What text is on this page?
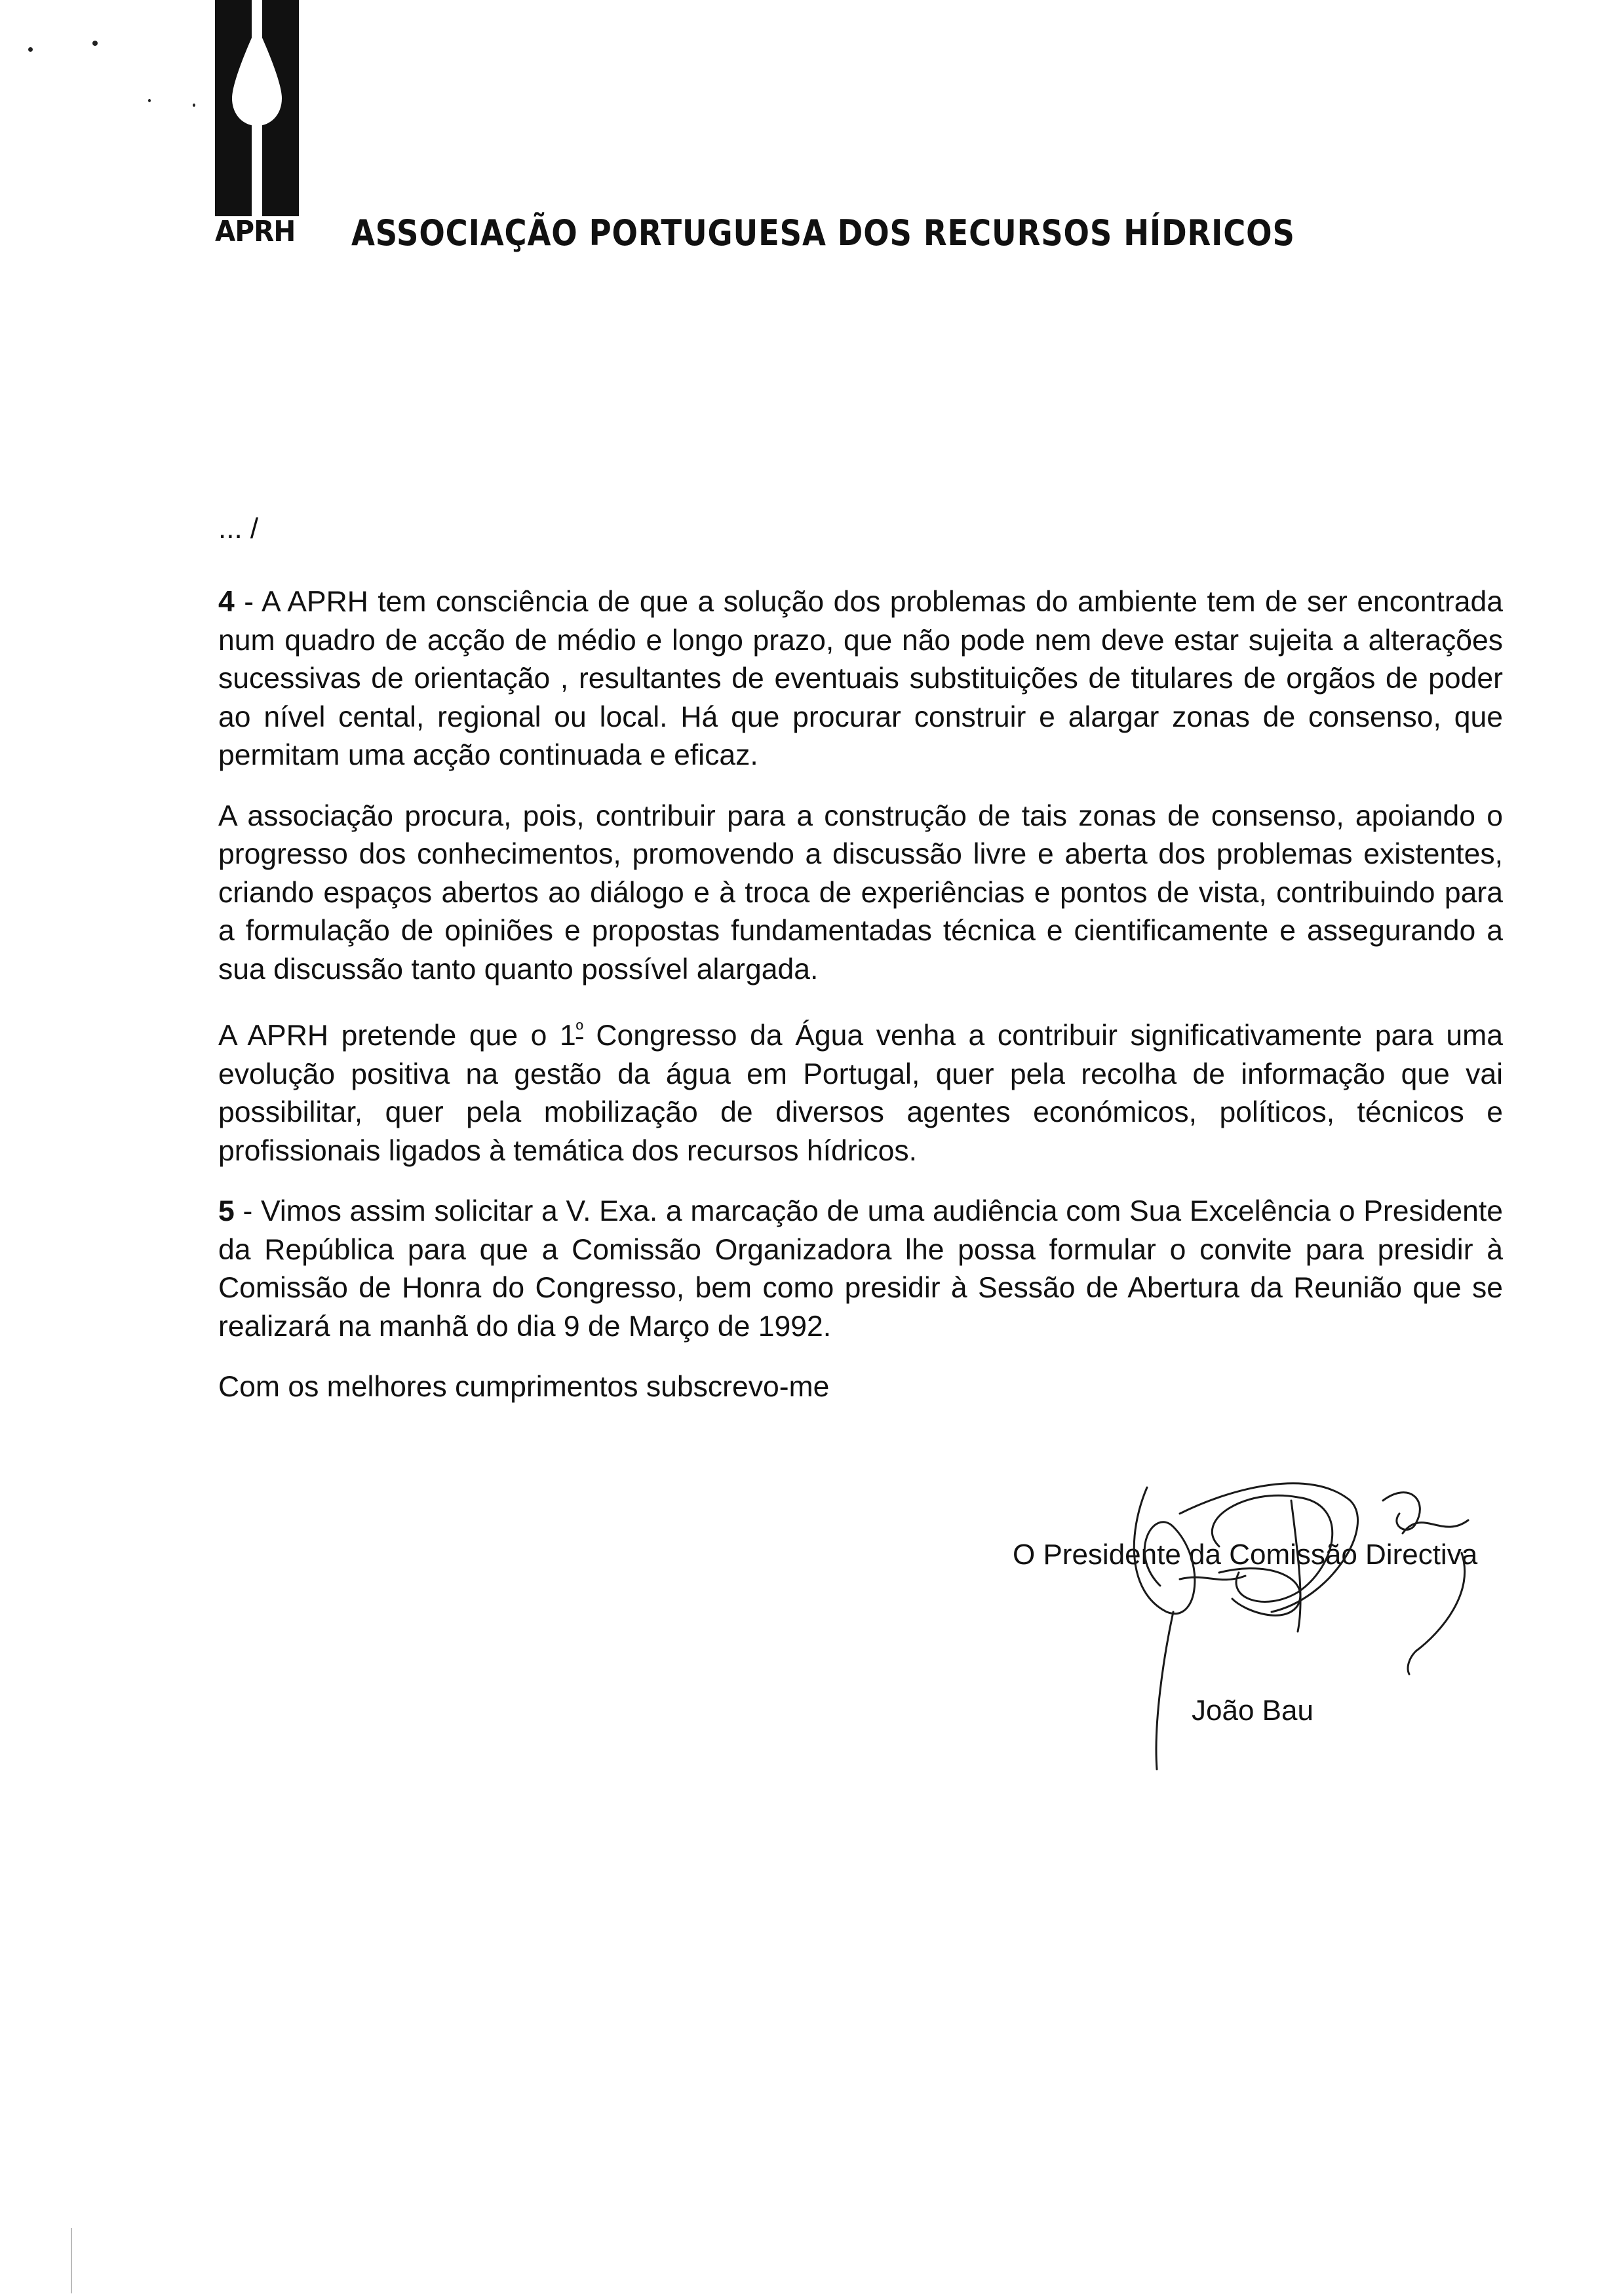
APRH ASSOCIAÇÃO PORTUGUESA DOS RECURSOS HÍDRICOS
... /

4 - A APRH tem consciência de que a solução dos problemas do ambiente tem de ser encontrada num quadro de acção de médio e longo prazo, que não pode nem deve estar sujeita a alterações sucessivas de orientação , resultantes de eventuais substituições de titulares de orgãos de poder ao nível cental, regional ou local. Há que procurar construir e alargar zonas de consenso, que permitam uma acção continuada e eficaz.

A associação procura, pois, contribuir para a construção de tais zonas de consenso, apoiando o progresso dos conhecimentos, promovendo a discussão livre e aberta dos problemas existentes, criando espaços abertos ao diálogo e à troca de experiências e pontos de vista, contribuindo para a formulação de opiniões e propostas fundamentadas técnica e cientificamente e assegurando a sua discussão tanto quanto possível alargada.

A APRH pretende que o $1^º$ Congresso da Água venha a contribuir significativamente para uma evolução positiva na gestão da água em Portugal, quer pela recolha de informação que vai possibilitar, quer pela mobilização de diversos agentes económicos, políticos, técnicos e profissionais ligados à temática dos recursos hídricos.

5 - Vimos assim solicitar a V. Exa. a marcação de uma audiência com Sua Excelência o Presidente da República para que a Comissão Organizadora lhe possa formular o convite para presidir à Comissão de Honra do Congresso, bem como presidir à Sessão de Abertura da Reunião que se realizará na manhã do dia 9 de Março de 1992.

Com os melhores cumprimentos subscrevo-me

O Presidente da Comissão Directiva
João Bau
